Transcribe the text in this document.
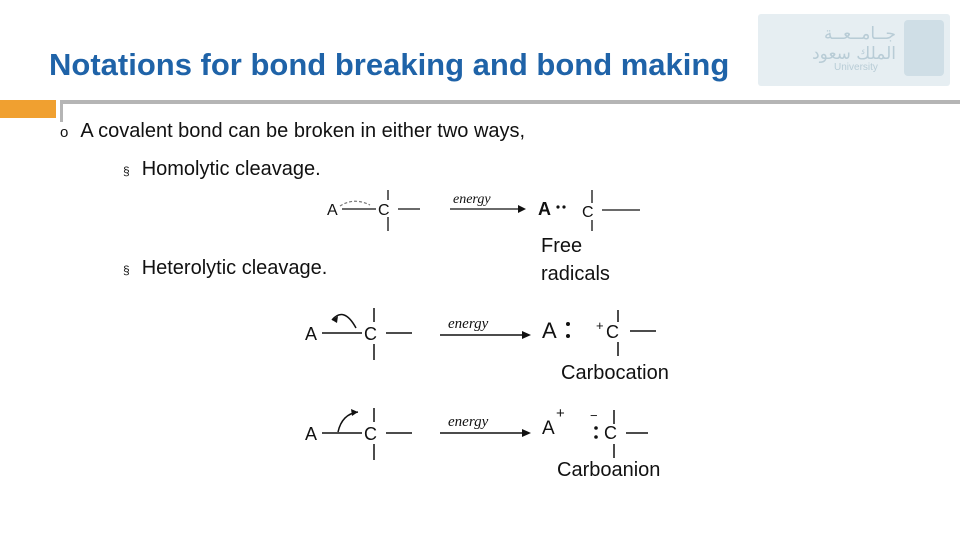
جــامــعــة
الملك سعود
University
Notations for bond breaking and bond making
o A covalent bond can be broken in either two ways,
§ Homolytic cleavage.
§ Heterolytic cleavage.
A	C
energy	A C
A	C	energy A	+ C
A	C
energy	A
+ −
C
Free
radicals
Carbocation
Carboanion
